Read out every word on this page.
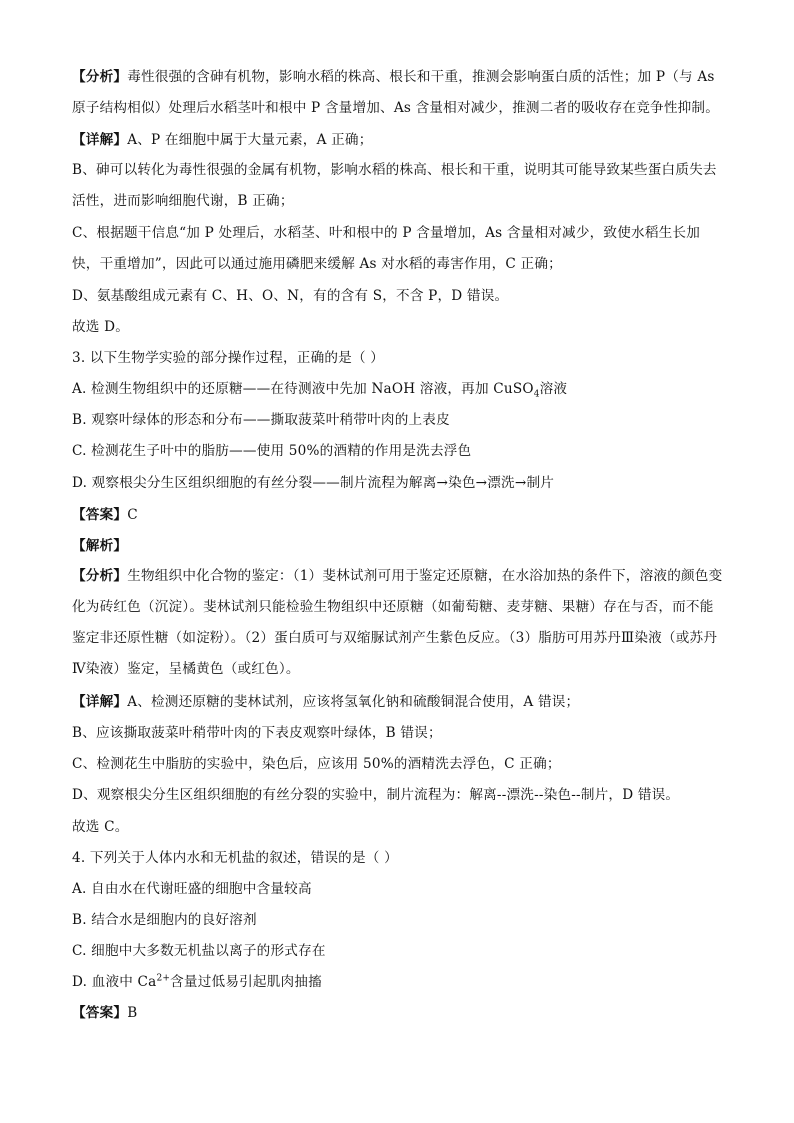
【分析】毒性很强的含砷有机物，影响水稻的株高、根长和干重，推测会影响蛋白质的活性；加 P（与 As 原子结构相似）处理后水稻茎叶和根中 P 含量增加、As 含量相对减少，推测二者的吸收存在竞争性抑制。
【详解】A、P 在细胞中属于大量元素，A 正确；
B、砷可以转化为毒性很强的金属有机物，影响水稻的株高、根长和干重，说明其可能导致某些蛋白质失去活性，进而影响细胞代谢，B 正确；
C、根据题干信息“加 P 处理后，水稻茎、叶和根中的 P 含量增加，As 含量相对减少，致使水稻生长加快，干重增加”，因此可以通过施用磷肥来缓解 As 对水稻的毒害作用，C 正确；
D、氨基酸组成元素有 C、H、O、N，有的含有 S，不含 P，D 错误。
故选 D。
3. 以下生物学实验的部分操作过程，正确的是（ ）
A. 检测生物组织中的还原糖——在待测液中先加 NaOH 溶液，再加 CuSO$_4$溶液
B. 观察叶绿体的形态和分布——撕取菠菜叶稍带叶肉的上表皮
C. 检测花生子叶中的脂肪——使用 50%的酒精的作用是洗去浮色
D. 观察根尖分生区组织细胞的有丝分裂——制片流程为解离→染色→漂洗→制片
【答案】C
【解析】
【分析】生物组织中化合物的鉴定：（1）斐林试剂可用于鉴定还原糖，在水浴加热的条件下，溶液的颜色变化为砖红色（沉淀）。斐林试剂只能检验生物组织中还原糖（如葡萄糖、麦芽糖、果糖）存在与否，而不能鉴定非还原性糖（如淀粉）。（2）蛋白质可与双缩脲试剂产生紫色反应。（3）脂肪可用苏丹Ⅲ染液（或苏丹Ⅳ染液）鉴定，呈橘黄色（或红色）。
【详解】A、检测还原糖的斐林试剂，应该将氢氧化钠和硫酸铜混合使用，A 错误；
B、应该撕取菠菜叶稍带叶肉的下表皮观察叶绿体，B 错误；
C、检测花生中脂肪的实验中，染色后，应该用 50%的酒精洗去浮色，C 正确；
D、观察根尖分生区组织细胞的有丝分裂的实验中，制片流程为：解离--漂洗--染色--制片，D 错误。
故选 C。
4. 下列关于人体内水和无机盐的叙述，错误的是（ ）
A. 自由水在代谢旺盛的细胞中含量较高
B. 结合水是细胞内的良好溶剂
C. 细胞中大多数无机盐以离子的形式存在
D. 血液中 $Ca^{2+}$含量过低易引起肌肉抽搐
【答案】B
